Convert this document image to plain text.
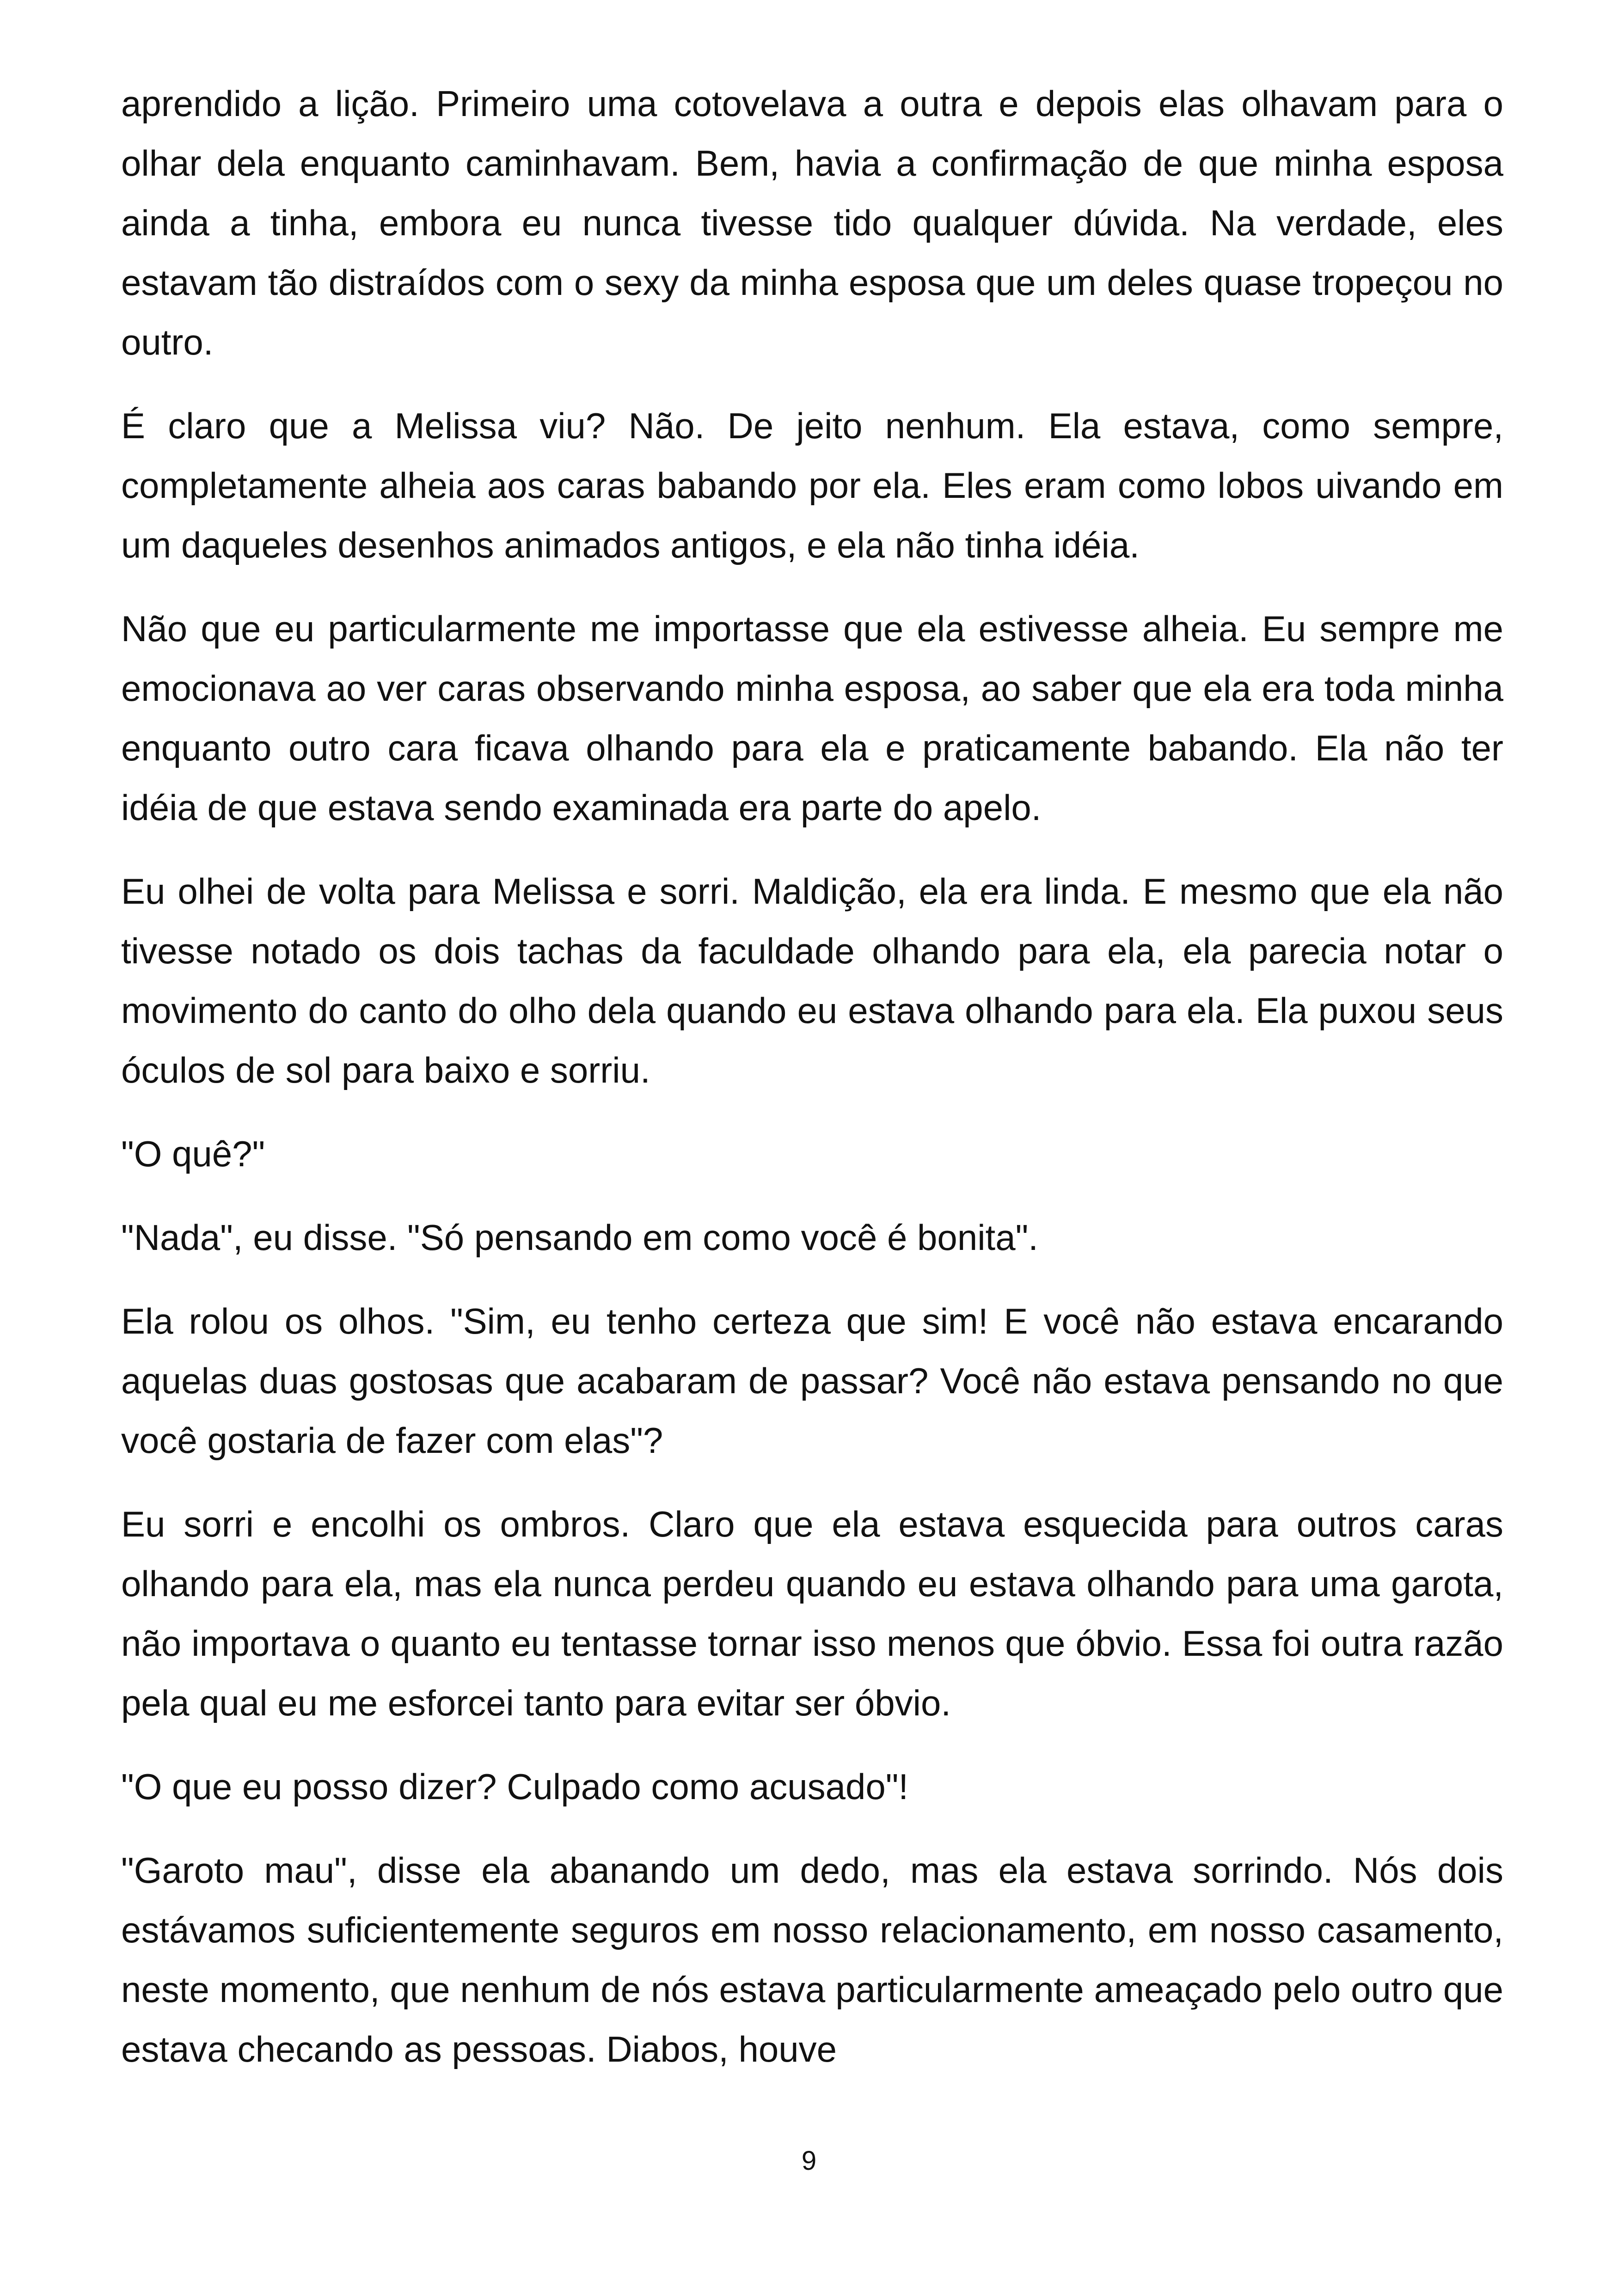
aprendido a lição. Primeiro uma cotovelava a outra e depois elas olhavam para o olhar dela enquanto caminhavam. Bem, havia a confirmação de que minha esposa ainda a tinha, embora eu nunca tivesse tido qualquer dúvida. Na verdade, eles estavam tão distraídos com o sexy da minha esposa que um deles quase tropeçou no outro.

É claro que a Melissa viu? Não. De jeito nenhum. Ela estava, como sempre, completamente alheia aos caras babando por ela. Eles eram como lobos uivando em um daqueles desenhos animados antigos, e ela não tinha idéia.

Não que eu particularmente me importasse que ela estivesse alheia. Eu sempre me emocionava ao ver caras observando minha esposa, ao saber que ela era toda minha enquanto outro cara ficava olhando para ela e praticamente babando. Ela não ter idéia de que estava sendo examinada era parte do apelo.

Eu olhei de volta para Melissa e sorri. Maldição, ela era linda. E mesmo que ela não tivesse notado os dois tachas da faculdade olhando para ela, ela parecia notar o movimento do canto do olho dela quando eu estava olhando para ela. Ela puxou seus óculos de sol para baixo e sorriu.

"O quê?"

"Nada", eu disse. "Só pensando em como você é bonita".

Ela rolou os olhos. "Sim, eu tenho certeza que sim! E você não estava encarando aquelas duas gostosas que acabaram de passar? Você não estava pensando no que você gostaria de fazer com elas"?

Eu sorri e encolhi os ombros. Claro que ela estava esquecida para outros caras olhando para ela, mas ela nunca perdeu quando eu estava olhando para uma garota, não importava o quanto eu tentasse tornar isso menos que óbvio. Essa foi outra razão pela qual eu me esforcei tanto para evitar ser óbvio.

"O que eu posso dizer? Culpado como acusado"!

"Garoto mau", disse ela abanando um dedo, mas ela estava sorrindo. Nós dois estávamos suficientemente seguros em nosso relacionamento, em nosso casamento, neste momento, que nenhum de nós estava particularmente ameaçado pelo outro que estava checando as pessoas. Diabos, houve

9
